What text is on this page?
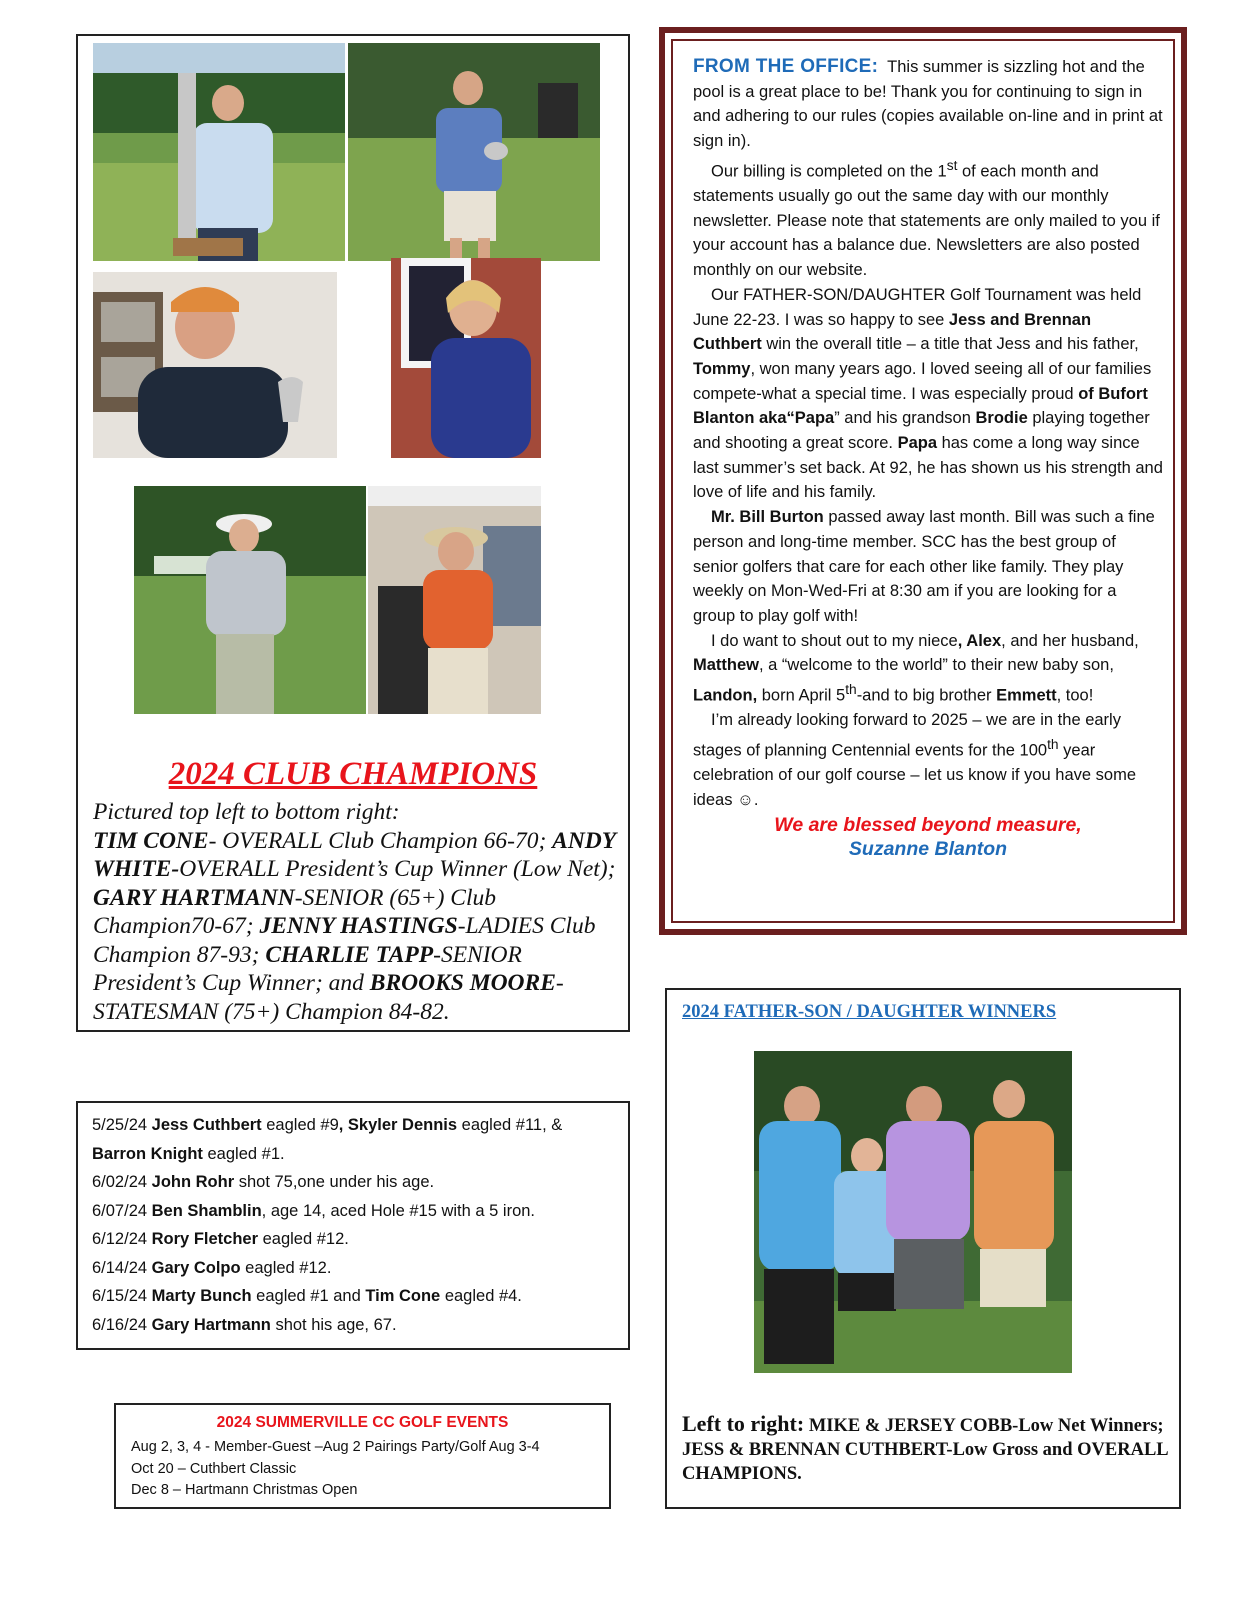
2024 CLUB CHAMPIONS
Pictured top left to bottom right:
TIM CONE- OVERALL Club Champion 66-70; ANDY WHITE-OVERALL President’s Cup Winner (Low Net); GARY HARTMANN-SENIOR (65+) Club Champion70-67; JENNY HASTINGS-LADIES Club Champion 87-93; CHARLIE TAPP-SENIOR President’s Cup Winner; and BROOKS MOORE-STATESMAN (75+) Champion 84-82.

FROM THE OFFICE: This summer is sizzling hot and the pool is a great place to be! Thank you for continuing to sign in and adhering to our rules (copies available on-line and in print at sign in).

Our billing is completed on the 1st of each month and statements usually go out the same day with our monthly newsletter. Please note that statements are only mailed to you if your account has a balance due. Newsletters are also posted monthly on our website.

Our FATHER-SON/DAUGHTER Golf Tournament was held June 22-23. I was so happy to see Jess and Brennan Cuthbert win the overall title – a title that Jess and his father, Tommy, won many years ago. I loved seeing all of our families compete-what a special time. I was especially proud of Bufort Blanton aka“Papa” and his grandson Brodie playing together and shooting a great score. Papa has come a long way since last summer’s set back. At 92, he has shown us his strength and love of life and his family.

Mr. Bill Burton passed away last month. Bill was such a fine person and long-time member. SCC has the best group of senior golfers that care for each other like family. They play weekly on Mon-Wed-Fri at 8:30 am if you are looking for a group to play golf with!

I do want to shout out to my niece, Alex, and her husband, Matthew, a “welcome to the world” to their new baby son, Landon, born April 5th-and to big brother Emmett, too!

I’m already looking forward to 2025 – we are in the early stages of planning Centennial events for the 100th year celebration of our golf course – let us know if you have some ideas ☺.

We are blessed beyond measure,

Suzanne Blanton

5/25/24 Jess Cuthbert eagled #9, Skyler Dennis eagled #11, &
Barron Knight eagled #1.
6/02/24 John Rohr shot 75,one under his age.
6/07/24 Ben Shamblin, age 14, aced Hole #15 with a 5 iron.
6/12/24 Rory Fletcher eagled #12.
6/14/24 Gary Colpo eagled #12.
6/15/24 Marty Bunch eagled #1 and Tim Cone eagled #4.
6/16/24 Gary Hartmann shot his age, 67.
2024 SUMMERVILLE CC GOLF EVENTS
Aug 2, 3, 4 - Member-Guest –Aug 2 Pairings Party/Golf Aug 3-4
Oct 20 – Cuthbert Classic
Dec 8 – Hartmann Christmas Open
2024 FATHER-SON / DAUGHTER WINNERS
Left to right: MIKE & JERSEY COBB-Low Net Winners; JESS & BRENNAN CUTHBERT-Low Gross and OVERALL CHAMPIONS.
